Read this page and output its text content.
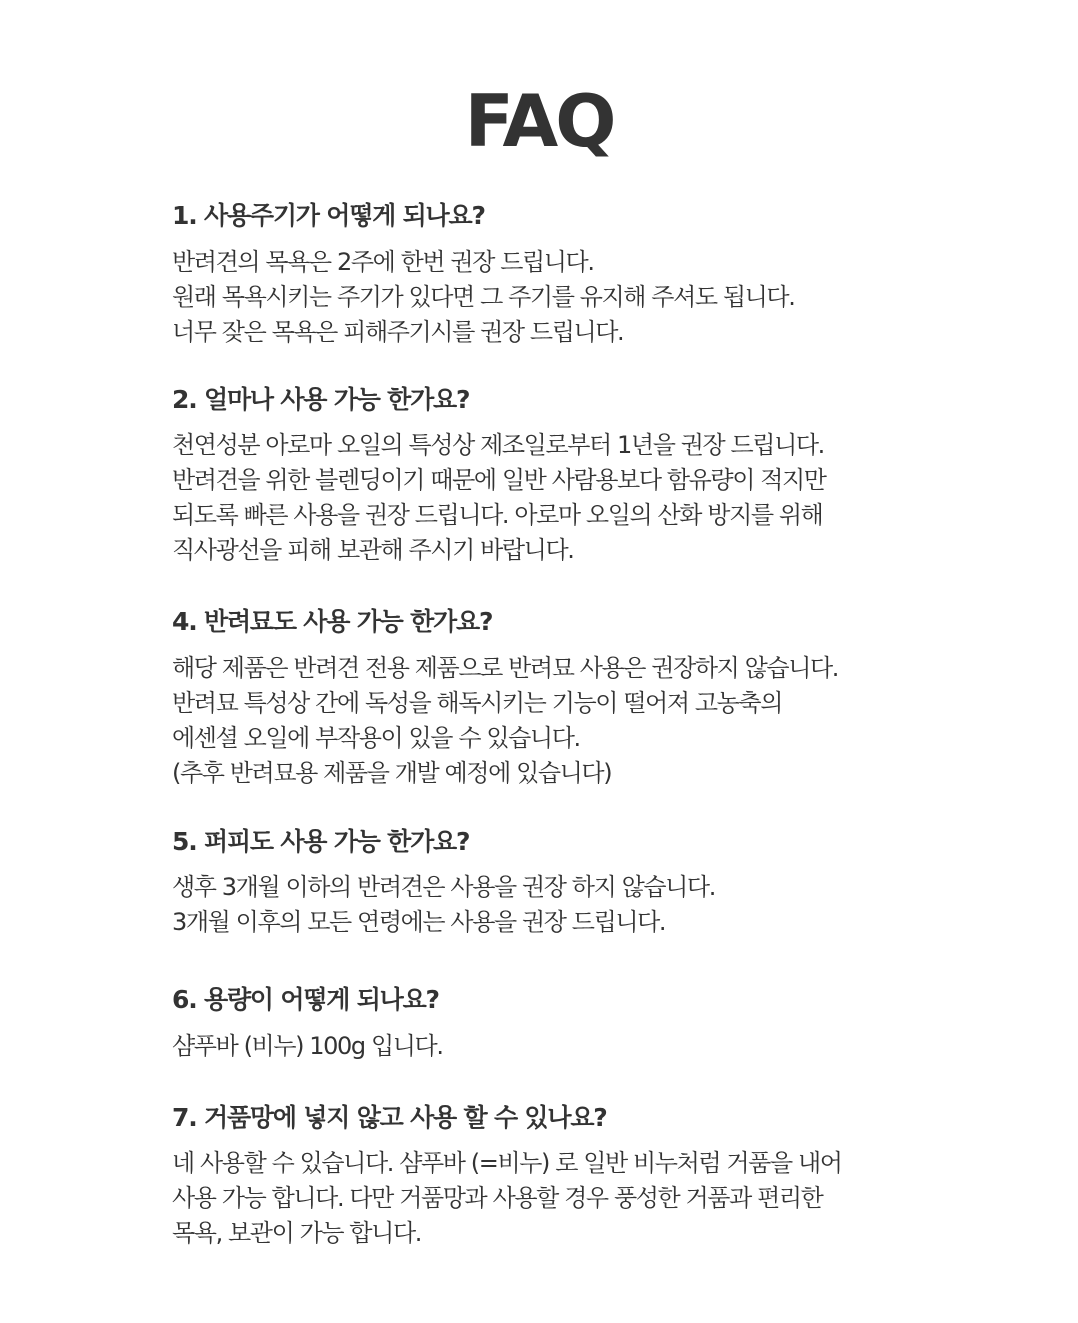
FAQ

1. 사용주기가 어떻게 되나요?

반려견의 목욕은 2주에 한번 권장 드립니다.
원래 목욕시키는 주기가 있다면 그 주기를 유지해 주셔도 됩니다.
너무 잦은 목욕은 피해주기시를 권장 드립니다.

2. 얼마나 사용 가능 한가요?

천연성분 아로마 오일의 특성상 제조일로부터 1년을 권장 드립니다.
반려견을 위한 블렌딩이기 때문에 일반 사람용보다 함유량이 적지만
되도록 빠른 사용을 권장 드립니다. 아로마 오일의 산화 방지를 위해
직사광선을 피해 보관해 주시기 바랍니다.

4. 반려묘도 사용 가능 한가요?

해당 제품은 반려견 전용 제품으로 반려묘 사용은 권장하지 않습니다.
반려묘 특성상 간에 독성을 해독시키는 기능이 떨어져 고농축의
에센셜 오일에 부작용이 있을 수 있습니다.
(추후 반려묘용 제품을 개발 예정에 있습니다)

5. 퍼피도 사용 가능 한가요?

생후 3개월 이하의 반려견은 사용을 권장 하지 않습니다.
3개월 이후의 모든 연령에는 사용을 권장 드립니다.

6. 용량이 어떻게 되나요?

샴푸바 (비누) 100g 입니다.

7. 거품망에 넣지 않고 사용 할 수 있나요?

네 사용할 수 있습니다. 샴푸바 (=비누) 로 일반 비누처럼 거품을 내어
사용 가능 합니다. 다만 거품망과 사용할 경우 풍성한 거품과 편리한
목욕, 보관이 가능 합니다.
